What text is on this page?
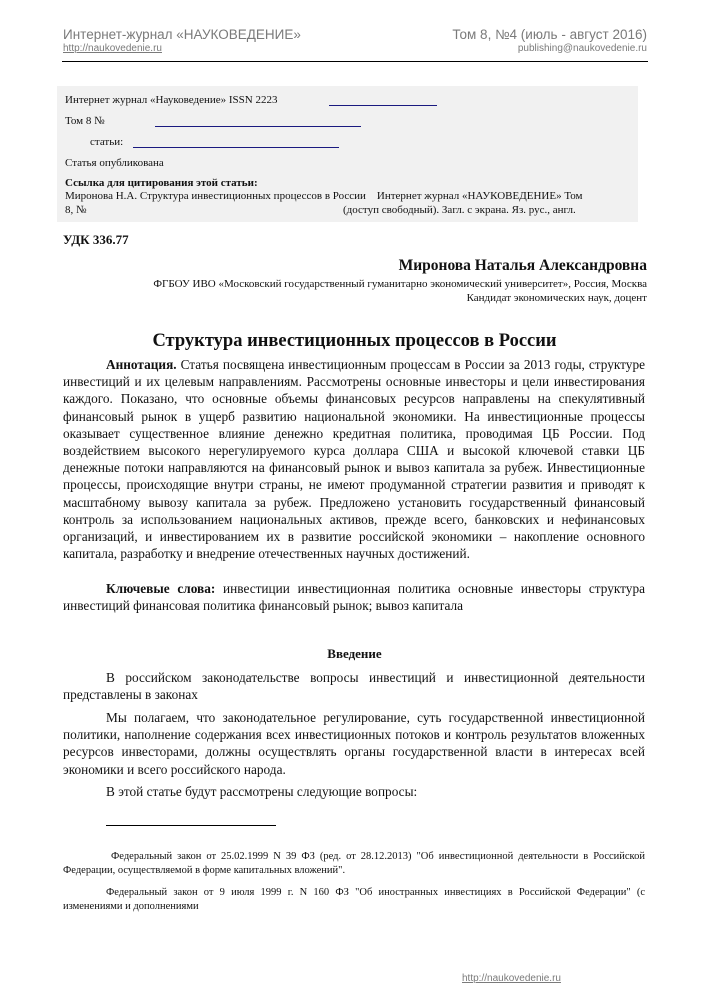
Интернет-журнал «НАУКОВЕДЕНИЕ»
http://naukovedenie.ru
Том 8, №4 (июль - август 2016)
publishing@naukovedenie.ru
Интернет журнал «Науковедение» ISSN 2223
Том 8 №
статьи:
Статья опубликована
Ссылка для цитирования этой статьи:
Миронова Н.А. Структура инвестиционных процессов в России    Интернет журнал «НАУКОВЕДЕНИЕ» Том
8, №	(доступ свободный). Загл. с экрана. Яз. рус., англ.
УДК 336.77
Миронова Наталья Александровна
ФГБОУ ИВО «Московский государственный гуманитарно экономический университет», Россия, Москва
Кандидат экономических наук, доцент
Структура инвестиционных процессов в России
Аннотация. Статья посвящена инвестиционным процессам в России за 2013 годы, структуре инвестиций и их целевым направлениям. Рассмотрены основные инвесторы и цели инвестирования каждого. Показано, что основные объемы финансовых ресурсов направлены на спекулятивный финансовый рынок в ущерб развитию национальной экономики. На инвестиционные процессы оказывает существенное влияние денежно кредитная политика, проводимая ЦБ России. Под воздействием высокого нерегулируемого курса доллара США и высокой ключевой ставки ЦБ денежные потоки направляются на финансовый рынок и вывоз капитала за рубеж. Инвестиционные процессы, происходящие внутри страны, не имеют продуманной стратегии развития и приводят к масштабному вывозу капитала за рубеж. Предложено установить государственный финансовый контроль за использованием национальных активов, прежде всего, банковских и нефинансовых организаций, и инвестированием их в развитие российской экономики – накопление основного капитала, разработку и внедрение отечественных научных достижений.
Ключевые слова: инвестиции инвестиционная политика основные инвесторы структура инвестиций финансовая политика финансовый рынок; вывоз капитала
Введение
В российском законодательстве вопросы инвестиций и инвестиционной деятельности представлены в законах
Мы полагаем, что законодательное регулирование, суть государственной инвестиционной политики, наполнение содержания всех инвестиционных потоков и контроль результатов вложенных ресурсов инвесторами, должны осуществлять органы государственной власти в интересах всей экономики и всего российского народа.
В этой статье будут рассмотрены следующие вопросы:
Федеральный закон от 25.02.1999 N 39 ФЗ (ред. от 28.12.2013) "Об инвестиционной деятельности в Российской Федерации, осуществляемой в форме капитальных вложений".
Федеральный закон от 9 июля 1999 г. N 160 ФЗ "Об иностранных инвестициях в Российской Федерации" (с изменениями и дополнениями
http://naukovedenie.ru
